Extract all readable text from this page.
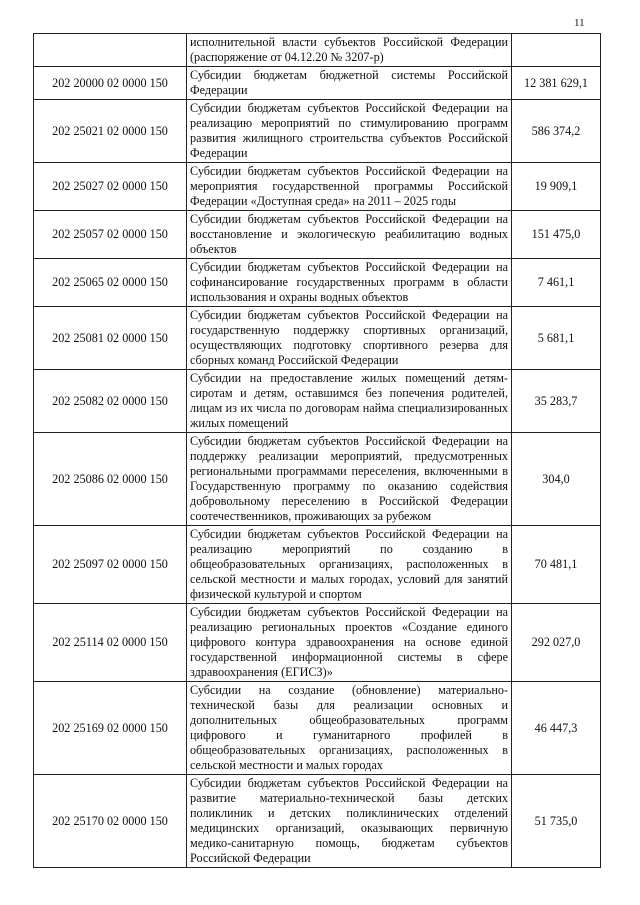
11
	исполнительной власти субъектов Российской Федерации (распоряжение от 04.12.20 № 3207-р)	
202 20000 02 0000 150	Субсидии бюджетам бюджетной системы Российской Федерации	12 381 629,1
202 25021 02 0000 150	Субсидии бюджетам субъектов Российской Федерации на реализацию мероприятий по стимулированию программ развития жилищного строительства субъектов Российской Федерации	586 374,2
202 25027 02 0000 150	Субсидии бюджетам субъектов Российской Федерации на мероприятия государственной программы Российской Федерации «Доступная среда» на 2011 – 2025 годы	19 909,1
202 25057 02 0000 150	Субсидии бюджетам субъектов Российской Федерации на восстановление и экологическую реабилитацию водных объектов	151 475,0
202 25065 02 0000 150	Субсидии бюджетам субъектов Российской Федерации на софинансирование государственных программ в области использования и охраны водных объектов	7 461,1
202 25081 02 0000 150	Субсидии бюджетам субъектов Российской Федерации на государственную поддержку спортивных организаций, осуществляющих подготовку спортивного резерва для сборных команд Российской Федерации	5 681,1
202 25082 02 0000 150	Субсидии на предоставление жилых помещений детям-сиротам и детям, оставшимся без попечения родителей, лицам из их числа по договорам найма специализированных жилых помещений	35 283,7
202 25086 02 0000 150	Субсидии бюджетам субъектов Российской Федерации на поддержку реализации мероприятий, предусмотренных региональными программами переселения, включенными в Государственную программу по оказанию содействия добровольному переселению в Российской Федерации соотечественников, проживающих за рубежом	304,0
202 25097 02 0000 150	Субсидии бюджетам субъектов Российской Федерации на реализацию мероприятий по созданию в общеобразовательных организациях, расположенных в сельской местности и малых городах, условий для занятий физической культурой и спортом	70 481,1
202 25114 02 0000 150	Субсидии бюджетам субъектов Российской Федерации на реализацию региональных проектов «Создание единого цифрового контура здравоохранения на основе единой государственной информационной системы в сфере здравоохранения (ЕГИСЗ)»	292 027,0
202 25169 02 0000 150	Субсидии на создание (обновление) материально-технической базы для реализации основных и дополнительных общеобразовательных программ цифрового и гуманитарного профилей в общеобразовательных организациях, расположенных в сельской местности и малых городах	46 447,3
202 25170 02 0000 150	Субсидии бюджетам субъектов Российской Федерации на развитие материально-технической базы детских поликлиник и детских поликлинических отделений медицинских организаций, оказывающих первичную медико-санитарную помощь, бюджетам субъектов Российской Федерации	51 735,0
